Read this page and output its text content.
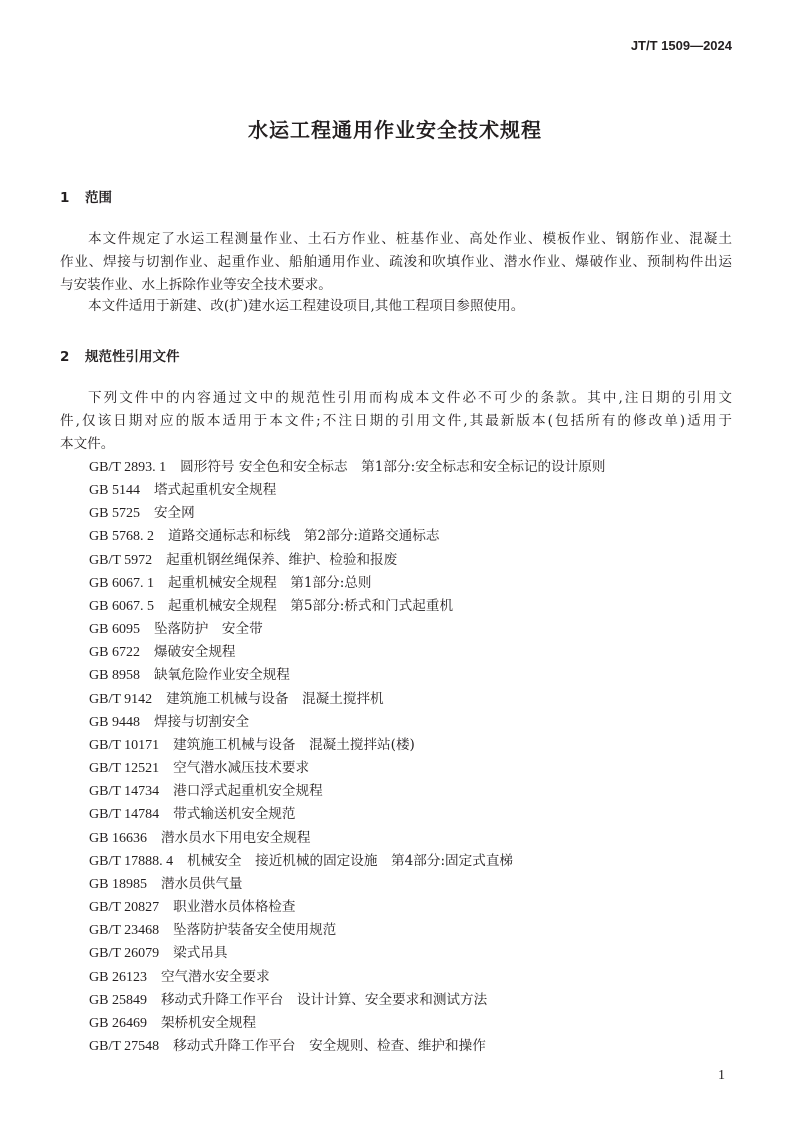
JT/T 1509—2024
水运工程通用作业安全技术规程
1 范围
本文件规定了水运工程测量作业、土石方作业、桩基作业、高处作业、模板作业、钢筋作业、混凝土
作业、焊接与切割作业、起重作业、船舶通用作业、疏浚和吹填作业、潜水作业、爆破作业、预制构件出运
与安装作业、水上拆除作业等安全技术要求。
本文件适用于新建、改(扩)建水运工程建设项目,其他工程项目参照使用。
2 规范性引用文件
下列文件中的内容通过文中的规范性引用而构成本文件必不可少的条款。其中,注日期的引用文
件,仅该日期对应的版本适用于本文件;不注日期的引用文件,其最新版本(包括所有的修改单)适用于
本文件。
GB/T 2893. 1 圆形符号 安全色和安全标志　第1部分:安全标志和安全标记的设计原则
GB 5144 塔式起重机安全规程
GB 5725 安全网
GB 5768. 2 道路交通标志和标线　第2部分:道路交通标志
GB/T 5972 起重机钢丝绳保养、维护、检验和报废
GB 6067. 1 起重机械安全规程　第1部分:总则
GB 6067. 5 起重机械安全规程　第5部分:桥式和门式起重机
GB 6095 坠落防护　安全带
GB 6722 爆破安全规程
GB 8958 缺氧危险作业安全规程
GB/T 9142 建筑施工机械与设备　混凝土搅拌机
GB 9448 焊接与切割安全
GB/T 10171 建筑施工机械与设备　混凝土搅拌站(楼)
GB/T 12521 空气潜水减压技术要求
GB/T 14734 港口浮式起重机安全规程
GB/T 14784 带式输送机安全规范
GB 16636 潜水员水下用电安全规程
GB/T 17888. 4 机械安全　接近机械的固定设施　第4部分:固定式直梯
GB 18985 潜水员供气量
GB/T 20827 职业潜水员体格检查
GB/T 23468 坠落防护装备安全使用规范
GB/T 26079 梁式吊具
GB 26123 空气潜水安全要求
GB 25849 移动式升降工作平台　设计计算、安全要求和测试方法
GB 26469 架桥机安全规程
GB/T 27548 移动式升降工作平台　安全规则、检查、维护和操作
1
